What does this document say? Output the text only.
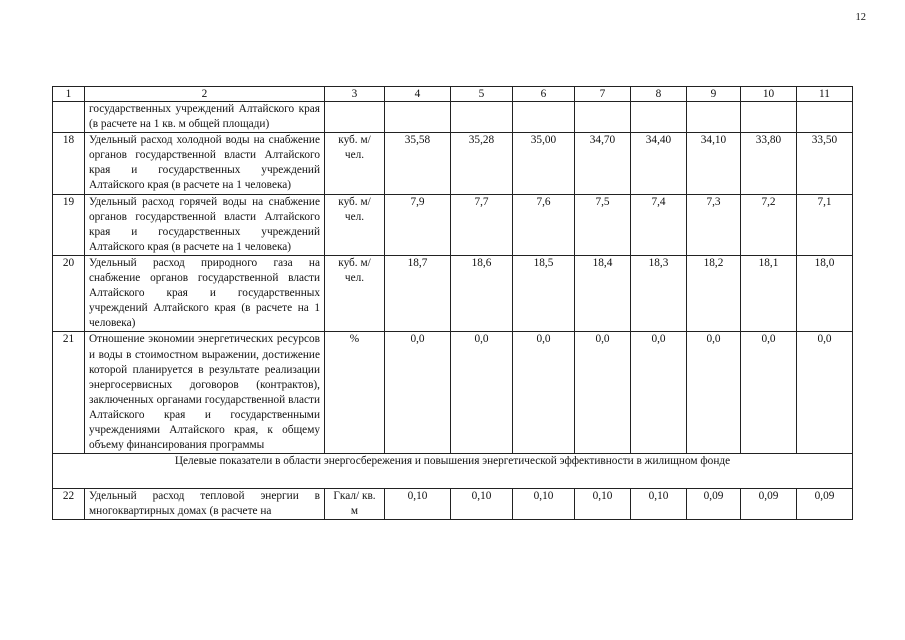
12
1	2	3	4	5	6	7	8	9	10	11
	государственных учреждений Алтайского края (в расчете на 1 кв. м общей площади)									
18	Удельный расход холодной воды на снабжение органов государственной власти Алтайского края и государственных учреждений Алтайского края (в расчете на 1 человека)	куб. м/ чел.	35,58	35,28	35,00	34,70	34,40	34,10	33,80	33,50
19	Удельный расход горячей воды на снабжение органов государственной власти Алтайского края и государственных учреждений Алтайского края (в расчете на 1 человека)	куб. м/ чел.	7,9	7,7	7,6	7,5	7,4	7,3	7,2	7,1
20	Удельный расход природного газа на снабжение органов государственной власти Алтайского края и государственных учреждений Алтайского края (в расчете на 1 человека)	куб. м/ чел.	18,7	18,6	18,5	18,4	18,3	18,2	18,1	18,0
21	Отношение экономии энергетических ресурсов и воды в стоимостном выражении, достижение которой планируется в результате реализации энергосервисных договоров (контрактов), заключенных органами государственной власти Алтайского края и государственными учреждениями Алтайского края, к общему объему финансирования программы	%	0,0	0,0	0,0	0,0	0,0	0,0	0,0	0,0
Целевые показатели в области энергосбережения и повышения энергетической эффективности в жилищном фонде										
22	Удельный расход тепловой энергии в многоквартирных домах (в расчете на	Гкал/ кв. м	0,10	0,10	0,10	0,10	0,10	0,09	0,09	0,09
